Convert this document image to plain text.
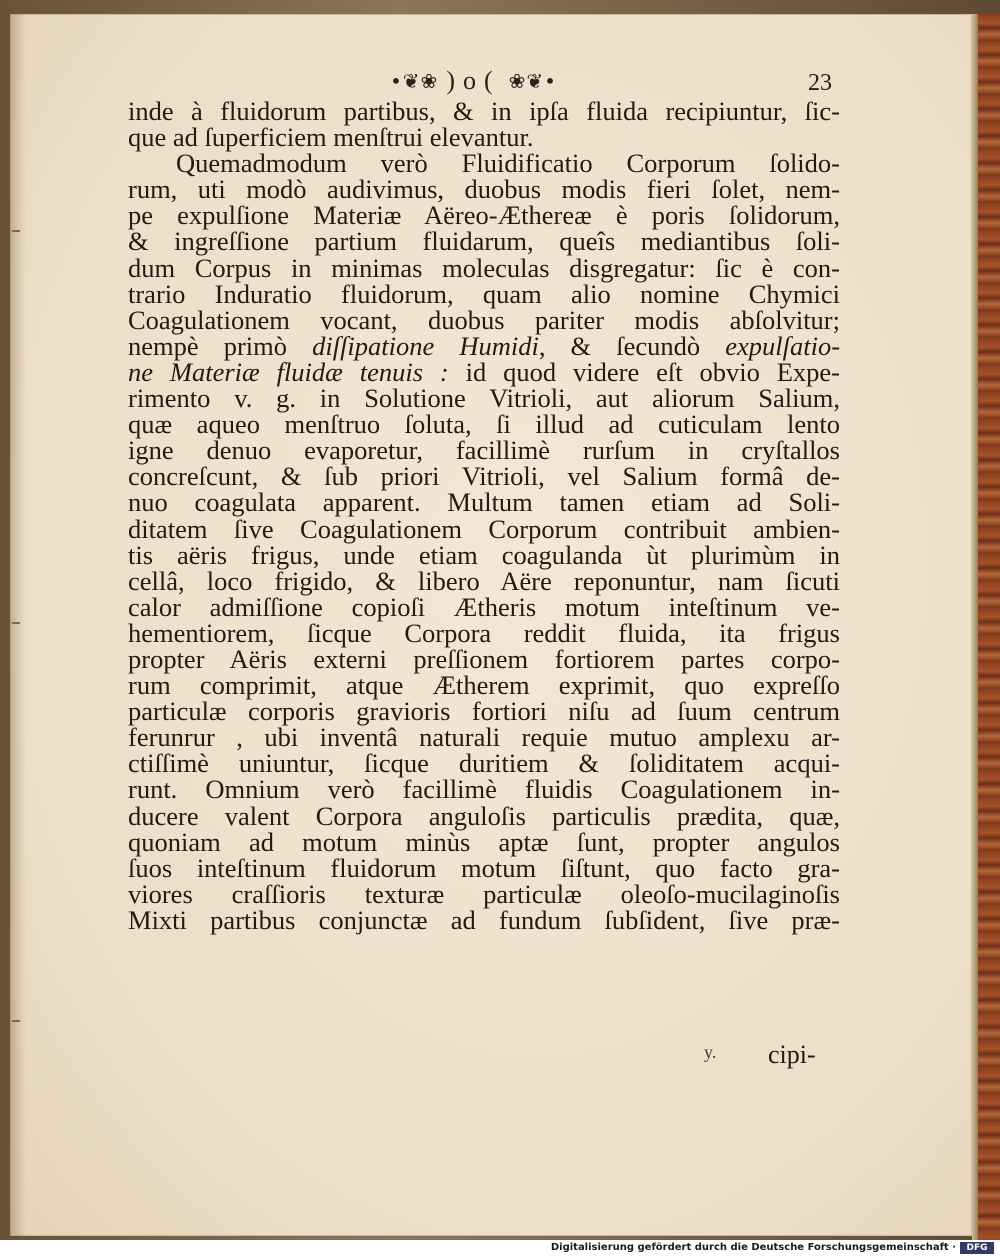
•❦❀ )o( ❀❦•	23
inde à fluidorum partibus, & in ipſa fluida recipiuntur, ſic-
que ad ſuperficiem menſtrui elevantur.
Quemadmodum verò Fluidificatio Corporum ſolido-
rum, uti modò audivimus, duobus modis fieri ſolet, nem-
pe expulſione Materiæ Aëreo-Æthereæ è poris ſolidorum,
& ingreſſione partium fluidarum, queîs mediantibus ſoli-
dum Corpus in minimas moleculas disgregatur: ſic è con-
trario Induratio fluidorum, quam alio nomine Chymici
Coagulationem vocant, duobus pariter modis abſolvitur;
nempè primò diſſipatione Humidi, & ſecundò expulſatio-
ne Materiæ fluidæ tenuis : id quod videre eſt obvio Expe-
rimento v. g. in Solutione Vitrioli, aut aliorum Salium,
quæ aqueo menſtruo ſoluta, ſi illud ad cuticulam lento
igne denuo evaporetur, facillimè rurſum in cryſtallos
concreſcunt, & ſub priori Vitrioli, vel Salium formâ de-
nuo coagulata apparent. Multum tamen etiam ad Soli-
ditatem ſive Coagulationem Corporum contribuit ambien-
tis aëris frigus, unde etiam coagulanda ùt plurimùm in
cellâ, loco frigido, & libero Aëre reponuntur, nam ſicuti
calor admiſſione copioſi Ætheris motum inteſtinum ve-
hementiorem, ſicque Corpora reddit fluida, ita frigus
propter Aëris externi preſſionem fortiorem partes corpo-
rum comprimit, atque Ætherem exprimit, quo expreſſo
particulæ corporis gravioris fortiori niſu ad ſuum centrum
ferunrur , ubi inventâ naturali requie mutuo amplexu ar-
ctiſſimè uniuntur, ſicque duritiem & ſoliditatem acqui-
runt. Omnium verò facillimè fluidis Coagulationem in-
ducere valent Corpora anguloſis particulis prædita, quæ,
quoniam ad motum minùs aptæ ſunt, propter angulos
ſuos inteſtinum fluidorum motum ſiſtunt, quo facto gra-
viores craſſioris texturæ particulæ oleoſo-mucilaginoſis
Mixti partibus conjunctæ ad fundum ſubſident, ſive præ-
y. cipi-
Digitalisierung gefördert durch die Deutsche Forschungsgemeinschaft ·	DFG
